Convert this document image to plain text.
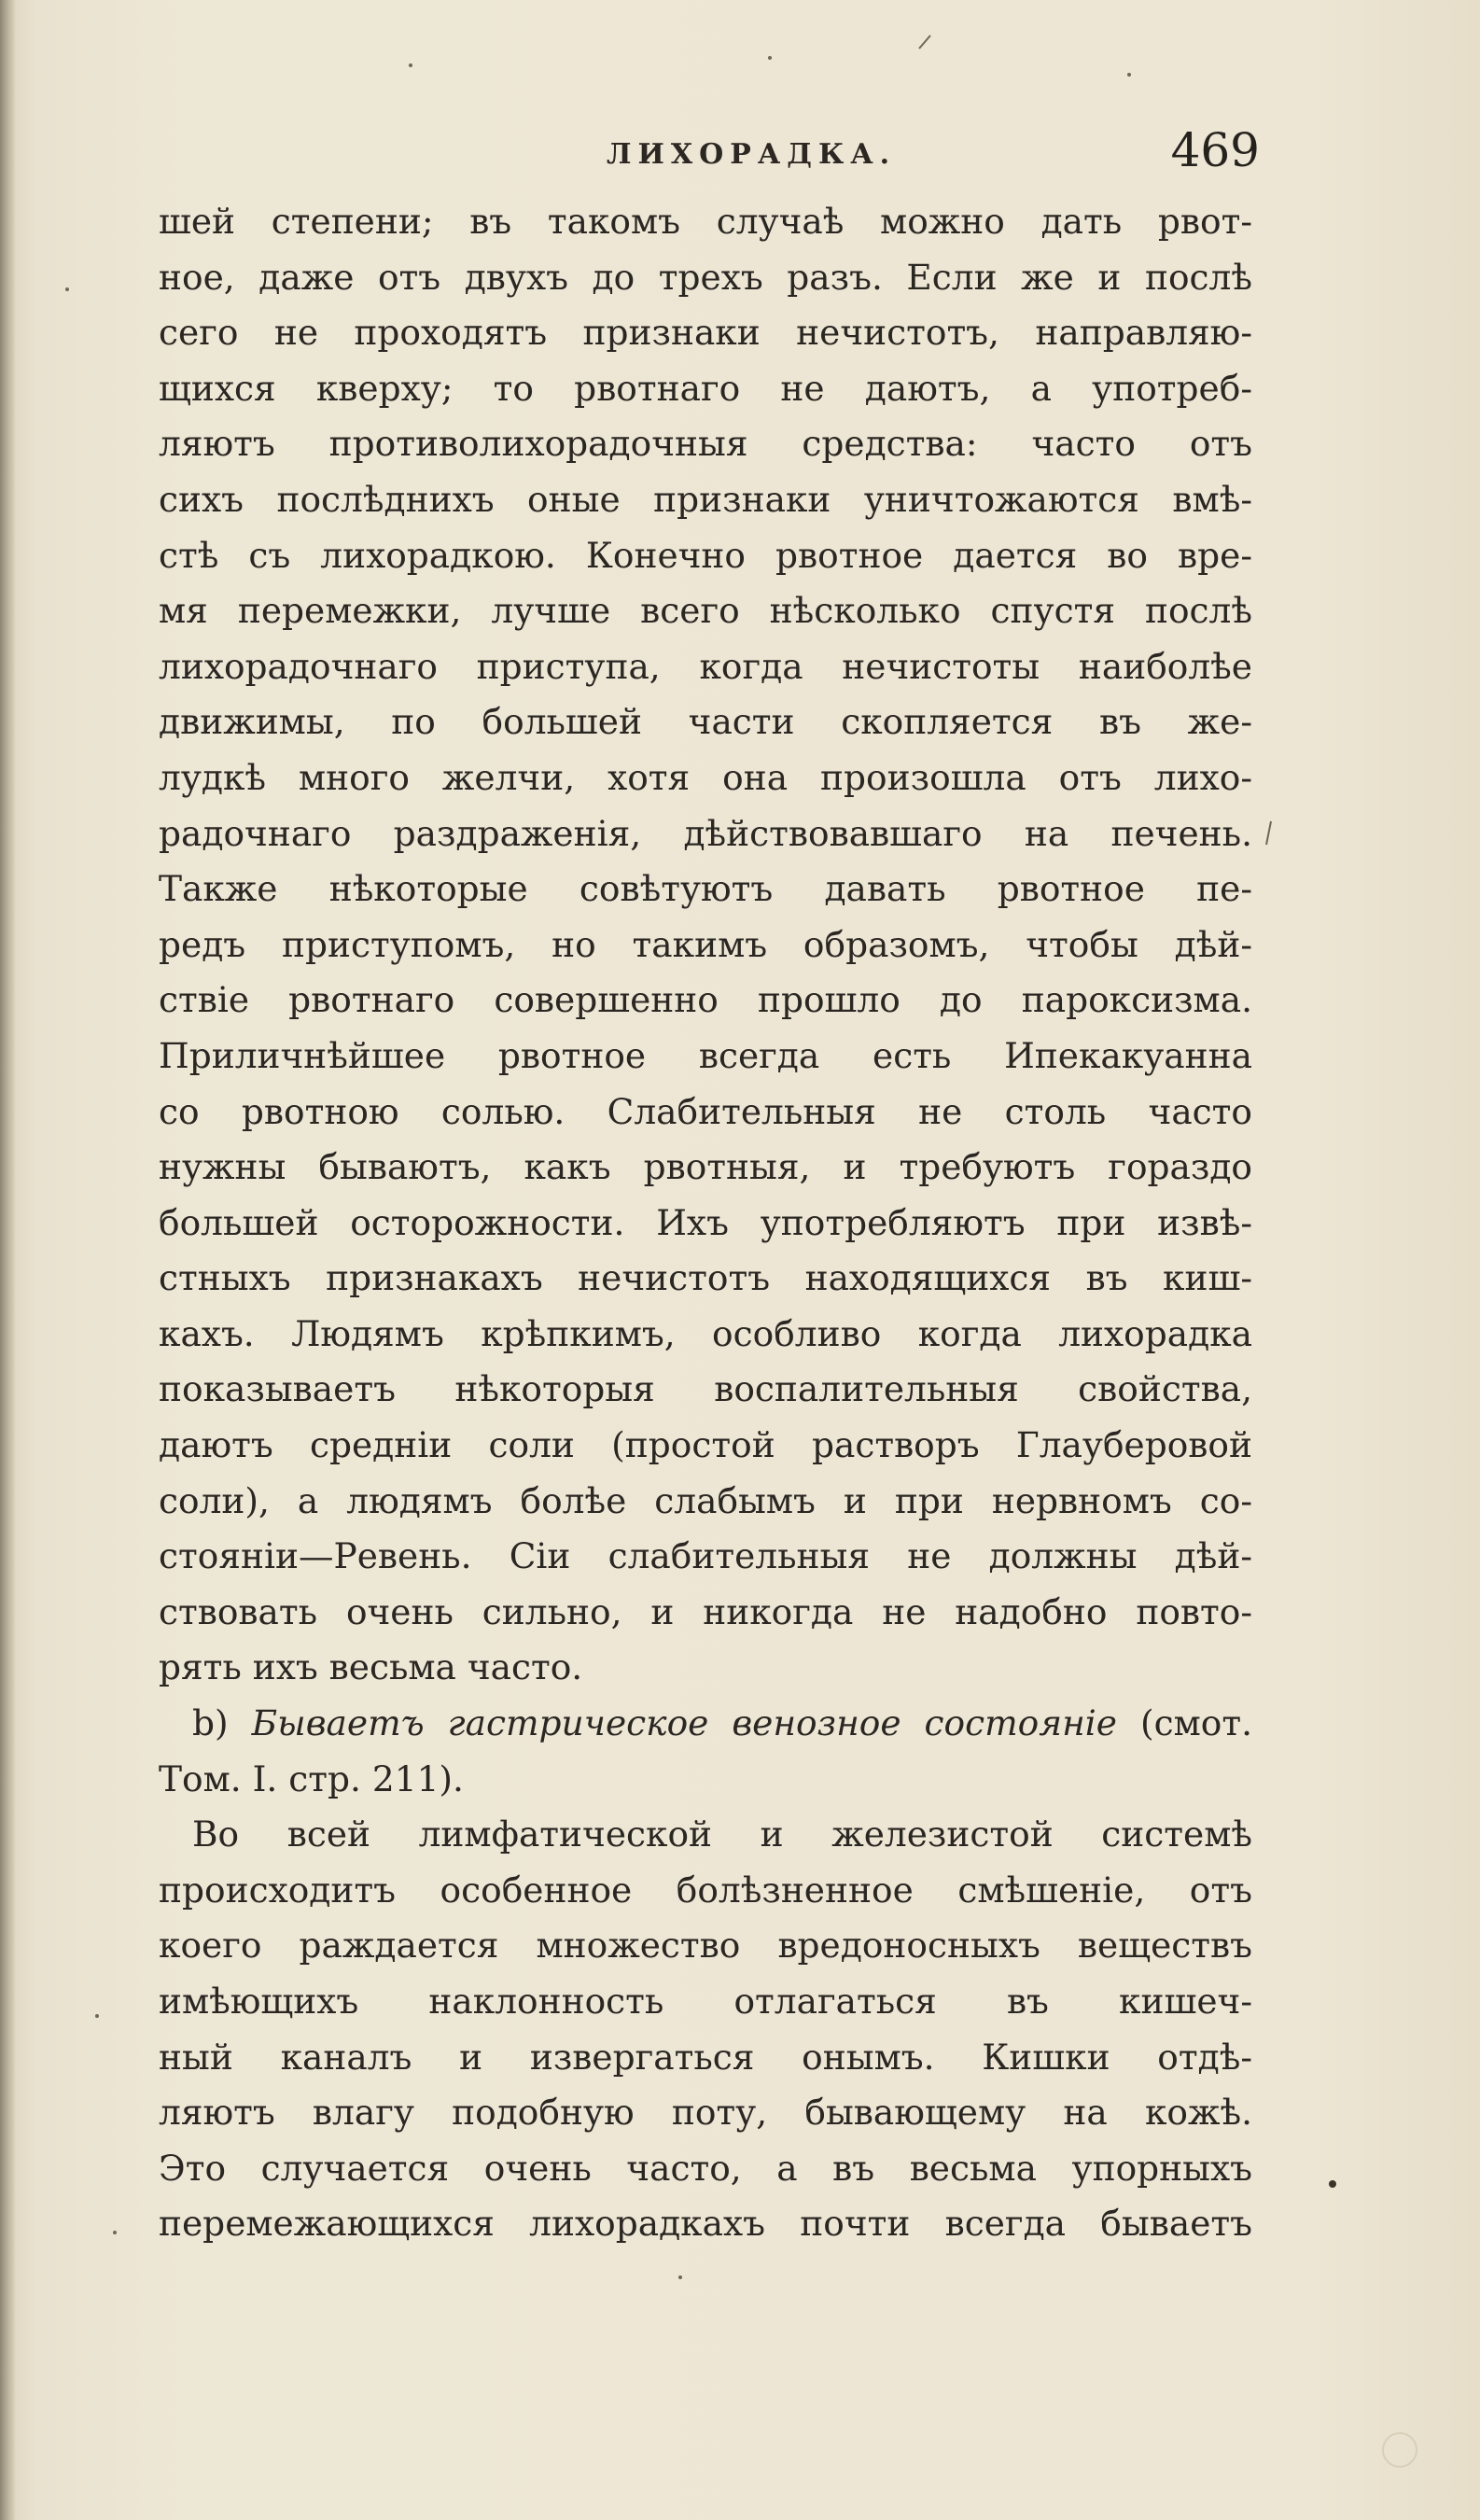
ЛИХОРАДКА.	469
шей степени; въ такомъ случаѣ можно дать рвот-
ное, даже отъ двухъ до трехъ разъ. Если же и послѣ
сего не проходятъ признаки нечистотъ, направляю-
щихся кверху; то рвотнаго не даютъ, а употреб-
ляютъ противолихорадочныя средства: часто отъ
сихъ послѣднихъ оные признаки уничтожаются вмѣ-
стѣ съ лихорадкою. Конечно рвотное дается во вре-
мя перемежки, лучше всего нѣсколько спустя послѣ
лихорадочнаго приступа, когда нечистоты наиболѣе
движимы, по большей части скопляется въ же-
лудкѣ много желчи, хотя она произошла отъ лихо-
радочнаго раздраженія, дѣйствовавшаго на печень.
Также нѣкоторые совѣтуютъ давать рвотное пе-
редъ приступомъ, но такимъ образомъ, чтобы дѣй-
ствіе рвотнаго совершенно прошло до пароксизма.
Приличнѣйшее рвотное всегда есть Ипекакуанна
со рвотною солью. Слабительныя не столь часто
нужны бываютъ, какъ рвотныя, и требуютъ гораздо
большей осторожности. Ихъ употребляютъ при извѣ-
стныхъ признакахъ нечистотъ находящихся въ киш-
кахъ. Людямъ крѣпкимъ, особливо когда лихорадка
показываетъ нѣкоторыя воспалительныя свойства,
даютъ средніи соли (простой растворъ Глауберовой
соли), а людямъ болѣе слабымъ и при нервномъ со-
стояніи—Ревень. Сіи слабительныя не должны дѣй-
ствовать очень сильно, и никогда не надобно повто-
рять ихъ весьма часто.
b) Бываетъ гастрическое венозное состояніе (смот.
Том. I. стр. 211).
Во всей лимфатической и железистой системѣ
происходитъ особенное болѣзненное смѣшеніе, отъ
коего раждается множество вредоносныхъ веществъ
имѣющихъ наклонность отлагаться въ кишеч-
ный каналъ и извергаться онымъ. Кишки отдѣ-
ляютъ влагу подобную поту, бывающему на кожѣ.
Это случается очень часто, а въ весьма упорныхъ
перемежающихся лихорадкахъ почти всегда бываетъ
